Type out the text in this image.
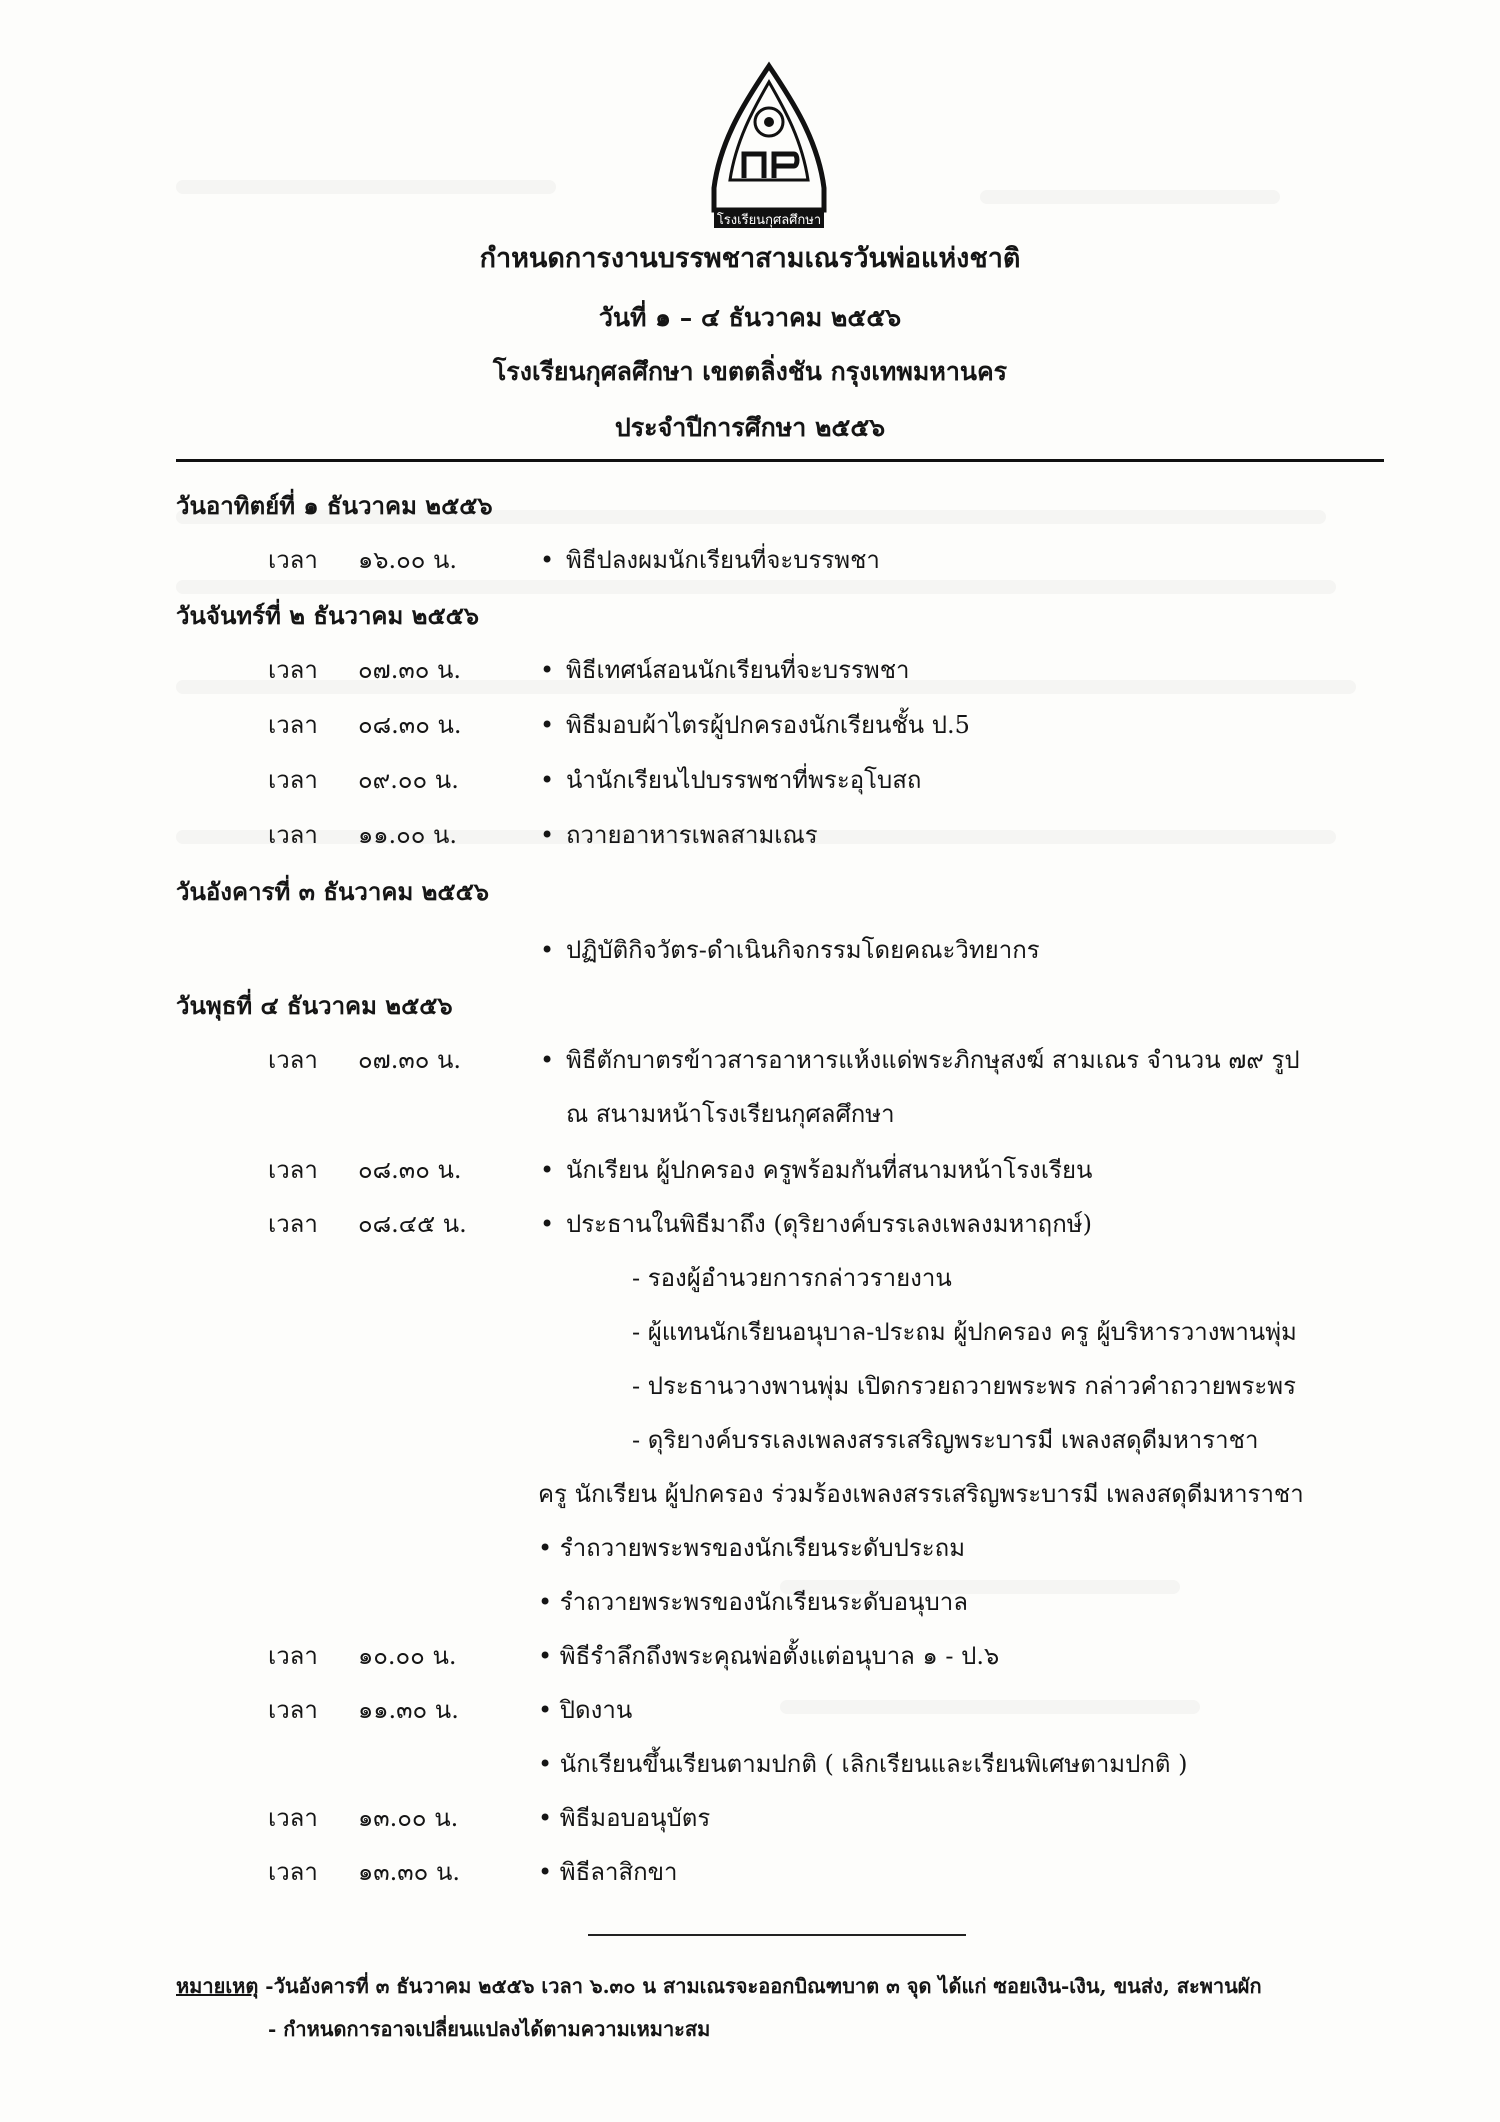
โรงเรียนกุศลศึกษา
กำหนดการงานบรรพชาสามเณรวันพ่อแห่งชาติ
วันที่ ๑ – ๔ ธันวาคม ๒๕๕๖
โรงเรียนกุศลศึกษา เขตตลิ่งชัน กรุงเทพมหานคร
ประจำปีการศึกษา ๒๕๕๖
วันอาทิตย์ที่ ๑ ธันวาคม ๒๕๕๖
เวลา ๑๖.๐๐ น.	• พิธีปลงผมนักเรียนที่จะบรรพชา
วันจันทร์ที่ ๒ ธันวาคม ๒๕๕๖
เวลา ๐๗.๓๐ น.	• พิธีเทศน์สอนนักเรียนที่จะบรรพชา
เวลา ๐๘.๓๐ น.	• พิธีมอบผ้าไตรผู้ปกครองนักเรียนชั้น ป.5
เวลา ๐๙.๐๐ น.	• นำนักเรียนไปบรรพชาที่พระอุโบสถ
เวลา ๑๑.๐๐ น.	• ถวายอาหารเพลสามเณร
วันอังคารที่ ๓ ธันวาคม ๒๕๕๖
• ปฏิบัติกิจวัตร-ดำเนินกิจกรรมโดยคณะวิทยากร
วันพุธที่ ๔ ธันวาคม ๒๕๕๖
เวลา ๐๗.๓๐ น.	• พิธีตักบาตรข้าวสารอาหารแห้งแด่พระภิกษุสงฆ์ สามเณร จำนวน ๗๙ รูป
ณ สนามหน้าโรงเรียนกุศลศึกษา
เวลา ๐๘.๓๐ น.	• นักเรียน ผู้ปกครอง ครูพร้อมกันที่สนามหน้าโรงเรียน
เวลา ๐๘.๔๕ น.	• ประธานในพิธีมาถึง (ดุริยางค์บรรเลงเพลงมหาฤกษ์)
- รองผู้อำนวยการกล่าวรายงาน
- ผู้แทนนักเรียนอนุบาล-ประถม ผู้ปกครอง ครู ผู้บริหารวางพานพุ่ม
- ประธานวางพานพุ่ม เปิดกรวยถวายพระพร กล่าวคำถวายพระพร
- ดุริยางค์บรรเลงเพลงสรรเสริญพระบารมี เพลงสดุดีมหาราชา
ครู นักเรียน ผู้ปกครอง ร่วมร้องเพลงสรรเสริญพระบารมี เพลงสดุดีมหาราชา
• รำถวายพระพรของนักเรียนระดับประถม
• รำถวายพระพรของนักเรียนระดับอนุบาล
เวลา ๑๐.๐๐ น.	• พิธีรำลึกถึงพระคุณพ่อตั้งแต่อนุบาล ๑ - ป.๖
เวลา ๑๑.๓๐ น.	• ปิดงาน
• นักเรียนขึ้นเรียนตามปกติ ( เลิกเรียนและเรียนพิเศษตามปกติ )
เวลา ๑๓.๐๐ น.	• พิธีมอบอนุบัตร
เวลา ๑๓.๓๐ น.	• พิธีลาสิกขา
หมายเหตุ -วันอังคารที่ ๓ ธันวาคม ๒๕๕๖ เวลา ๖.๓๐ น สามเณรจะออกบิณฑบาต ๓ จุด ได้แก่ ซอยเงิน-เงิน, ขนส่ง, สะพานผัก
- กำหนดการอาจเปลี่ยนแปลงได้ตามความเหมาะสม
